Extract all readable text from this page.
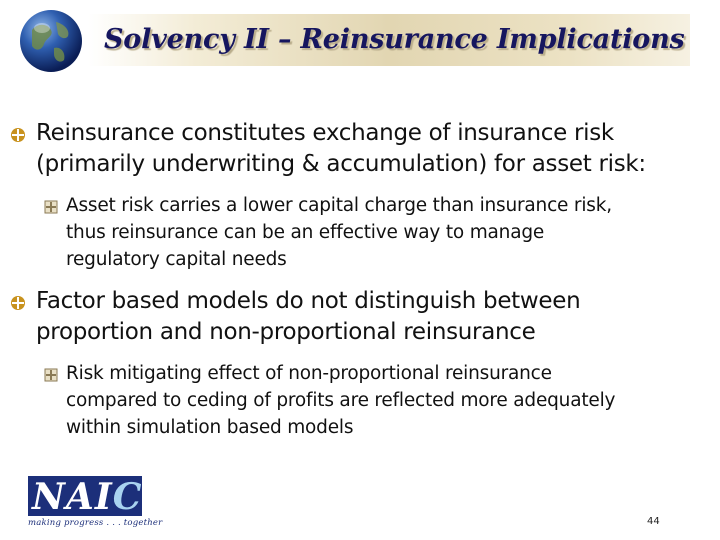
Solvency II – Reinsurance Implications
Reinsurance constitutes exchange of insurance risk
(primarily underwriting & accumulation) for asset risk:
Asset risk carries a lower capital charge than insurance risk,
thus reinsurance can be an effective way to manage
regulatory capital needs
Factor based models do not distinguish between
proportion and non-proportional reinsurance
Risk mitigating effect of non-proportional reinsurance
compared to ceding of profits are reflected more adequately
within simulation based models
NAIC
making progress . . . together	44
